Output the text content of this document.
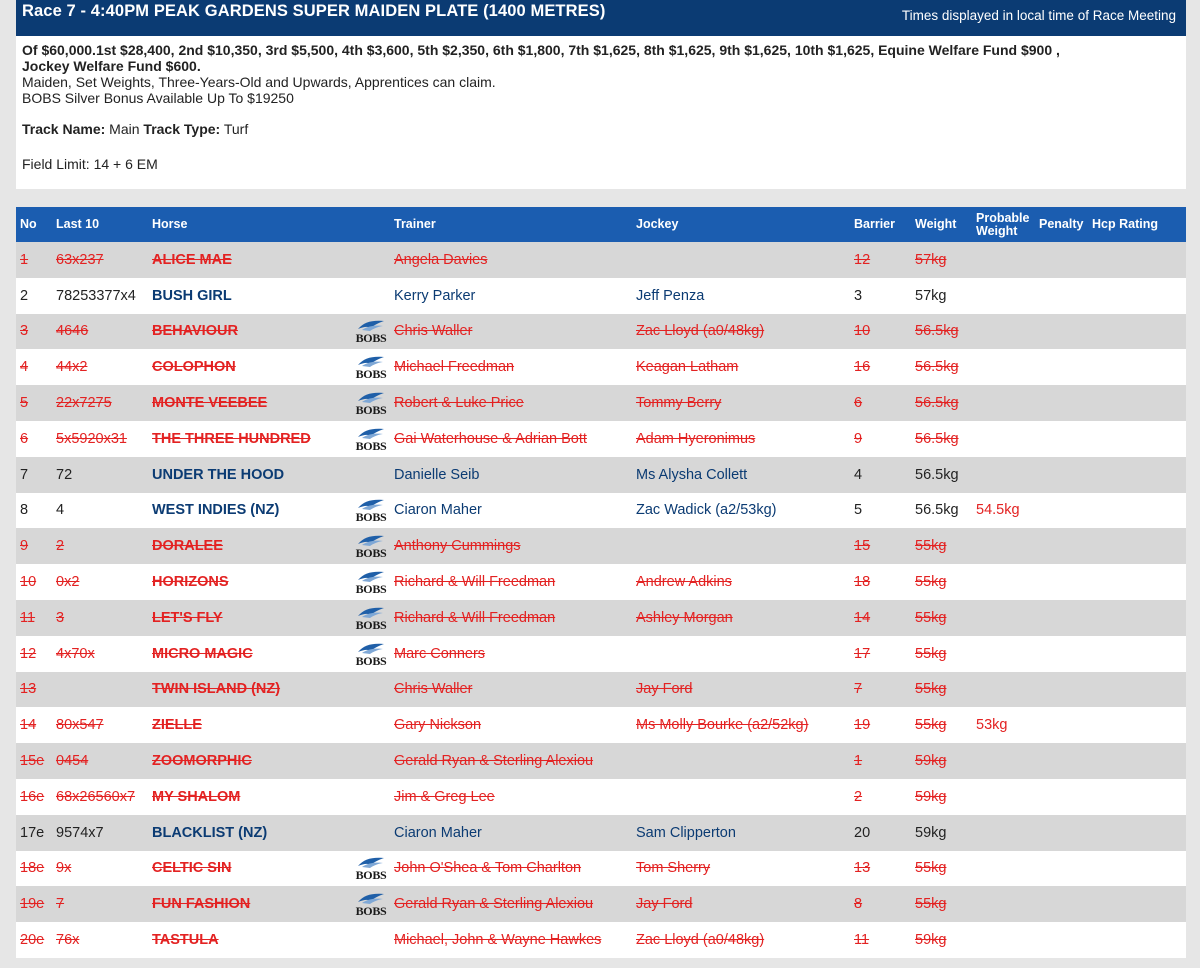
Race 7 - 4:40PM PEAK GARDENS SUPER MAIDEN PLATE (1400 METRES)	Times displayed in local time of Race Meeting
Of $60,000.1st $28,400, 2nd $10,350, 3rd $5,500, 4th $3,600, 5th $2,350, 6th $1,800, 7th $1,625, 8th $1,625, 9th $1,625, 10th $1,625, Equine Welfare Fund $900 ,
Jockey Welfare Fund $600.
Maiden, Set Weights, Three-Years-Old and Upwards, Apprentices can claim.
BOBS Silver Bonus Available Up To $19250
Track Name: Main Track Type: Turf
Field Limit: 14 + 6 EM
No	Last 10	Horse		Trainer	Jockey	Barrier	Weight	Probable
Weight	Penalty	Hcp Rating
1	63x237	ALICE MAE		Angela Davies		12	57kg			
2	78253377x4	BUSH GIRL		Kerry Parker	Jeff Penza	3	57kg			
3	4646	BEHAVIOUR	BOBS	Chris Waller	Zac Lloyd (a0/48kg)	10	56.5kg			
4	44x2	COLOPHON	BOBS	Michael Freedman	Keagan Latham	16	56.5kg			
5	22x7275	MONTE VEEBEE	BOBS	Robert & Luke Price	Tommy Berry	6	56.5kg			
6	5x5920x31	THE THREE HUNDRED	BOBS	Gai Waterhouse & Adrian Bott	Adam Hyeronimus	9	56.5kg			
7	72	UNDER THE HOOD		Danielle Seib	Ms Alysha Collett	4	56.5kg			
8	4	WEST INDIES (NZ)	BOBS	Ciaron Maher	Zac Wadick (a2/53kg)	5	56.5kg	54.5kg		
9	2	DORALEE	BOBS	Anthony Cummings		15	55kg			
10	0x2	HORIZONS	BOBS	Richard & Will Freedman	Andrew Adkins	18	55kg			
11	3	LET'S FLY	BOBS	Richard & Will Freedman	Ashley Morgan	14	55kg			
12	4x70x	MICRO MAGIC	BOBS	Marc Conners		17	55kg			
13		TWIN ISLAND (NZ)		Chris Waller	Jay Ford	7	55kg			
14	80x547	ZIELLE		Gary Nickson	Ms Molly Bourke (a2/52kg)	19	55kg	53kg		
15e	0454	ZOOMORPHIC		Gerald Ryan & Sterling Alexiou		1	59kg			
16e	68x26560x7	MY SHALOM		Jim & Greg Lee		2	59kg			
17e	9574x7	BLACKLIST (NZ)		Ciaron Maher	Sam Clipperton	20	59kg			
18e	9x	CELTIC SIN	BOBS	John O'Shea & Tom Charlton	Tom Sherry	13	55kg			
19e	7	FUN FASHION	BOBS	Gerald Ryan & Sterling Alexiou	Jay Ford	8	55kg			
20e	76x	TASTULA		Michael, John & Wayne Hawkes	Zac Lloyd (a0/48kg)	11	59kg			
